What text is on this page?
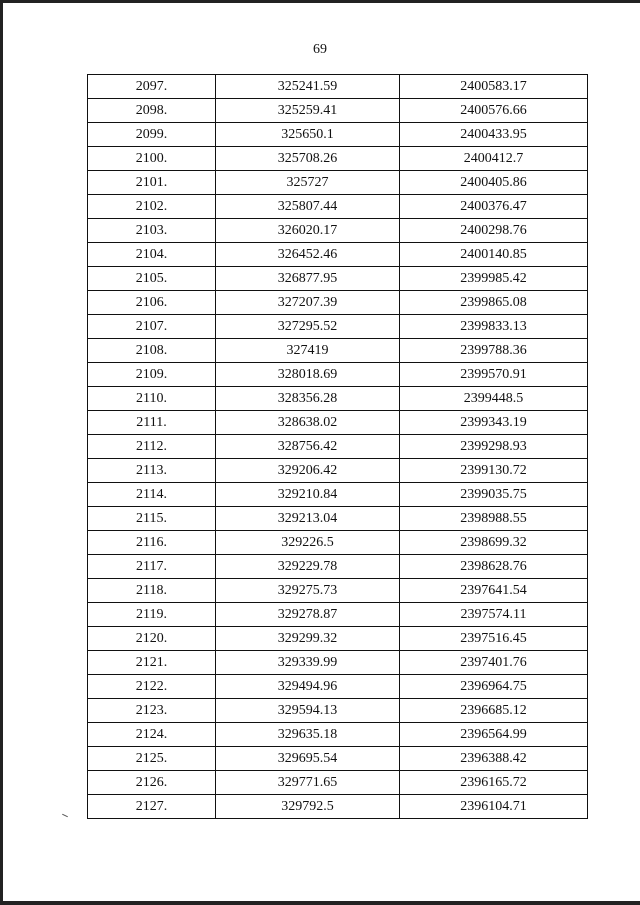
69
2097.	325241.59	2400583.17
2098.	325259.41	2400576.66
2099.	325650.1	2400433.95
2100.	325708.26	2400412.7
2101.	325727	2400405.86
2102.	325807.44	2400376.47
2103.	326020.17	2400298.76
2104.	326452.46	2400140.85
2105.	326877.95	2399985.42
2106.	327207.39	2399865.08
2107.	327295.52	2399833.13
2108.	327419	2399788.36
2109.	328018.69	2399570.91
2110.	328356.28	2399448.5
2111.	328638.02	2399343.19
2112.	328756.42	2399298.93
2113.	329206.42	2399130.72
2114.	329210.84	2399035.75
2115.	329213.04	2398988.55
2116.	329226.5	2398699.32
2117.	329229.78	2398628.76
2118.	329275.73	2397641.54
2119.	329278.87	2397574.11
2120.	329299.32	2397516.45
2121.	329339.99	2397401.76
2122.	329494.96	2396964.75
2123.	329594.13	2396685.12
2124.	329635.18	2396564.99
2125.	329695.54	2396388.42
2126.	329771.65	2396165.72
2127.	329792.5	2396104.71
